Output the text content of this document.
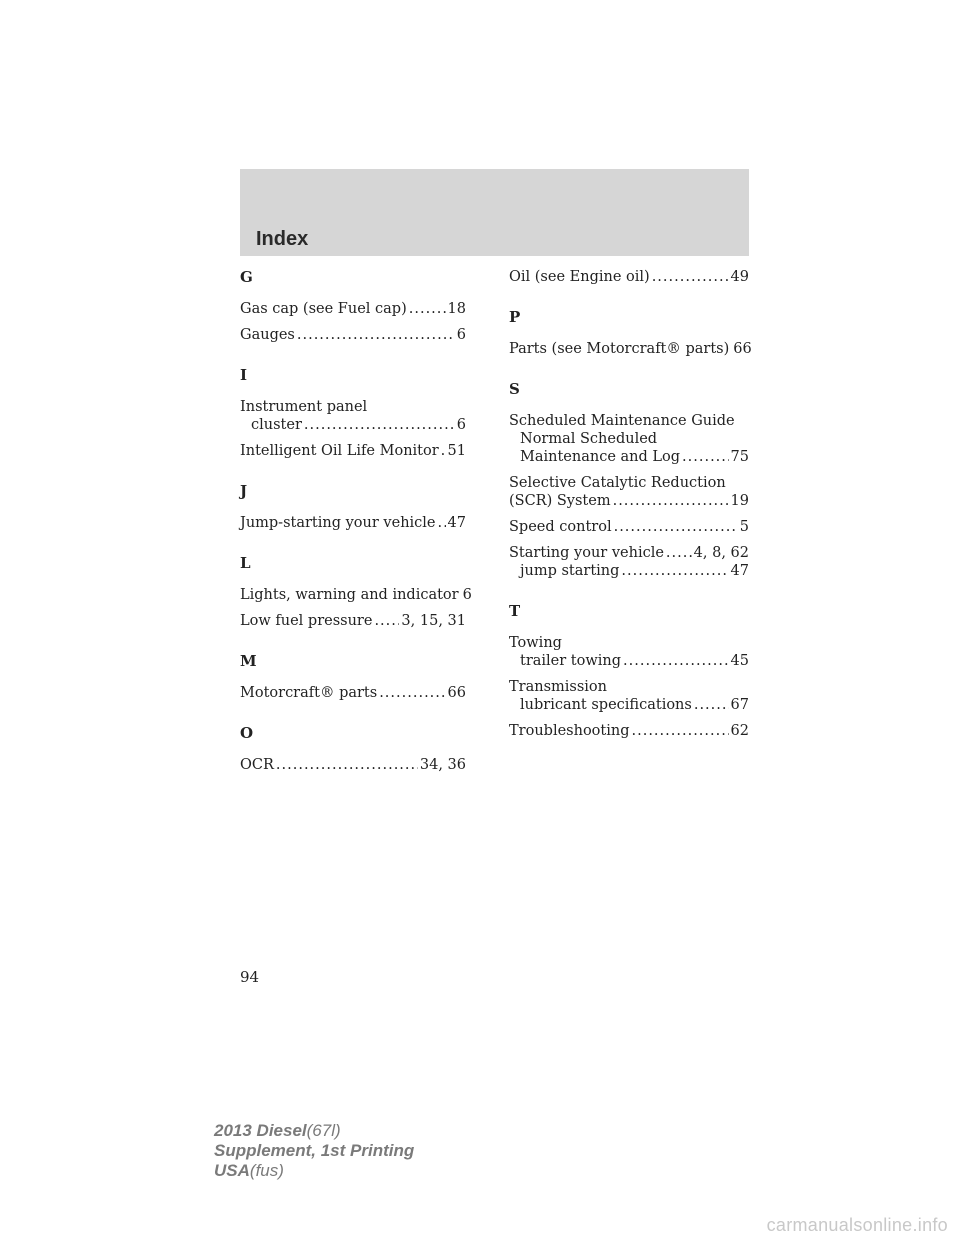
Index
G
Gas cap (see Fuel cap) .....	18
Gauges .....	6
I
Instrument panel
cluster .....	6
Intelligent Oil Life Monitor ..... 51
J
Jump-starting your vehicle ..... 47
L
Lights, warning and indicator 6
Low fuel pressure ..... 3, 15, 31
M
Motorcraft® parts .....	66
O
OCR .....	34, 36
Oil (see Engine oil) .....	49
P
Parts (see Motorcraft® parts) 66
S
Scheduled Maintenance Guide
Normal Scheduled
Maintenance and Log .....	75
Selective Catalytic Reduction
(SCR) System .....	19
Speed control .....	5
Starting your vehicle ..... 4, 8, 62
jump starting .....	47
T
Towing
trailer towing .....	45
Transmission
lubricant specifications .....	67
Troubleshooting .....	62
94
2013 Diesel(67l)
Supplement, 1st Printing
USA(fus)
carmanualsonline.info
